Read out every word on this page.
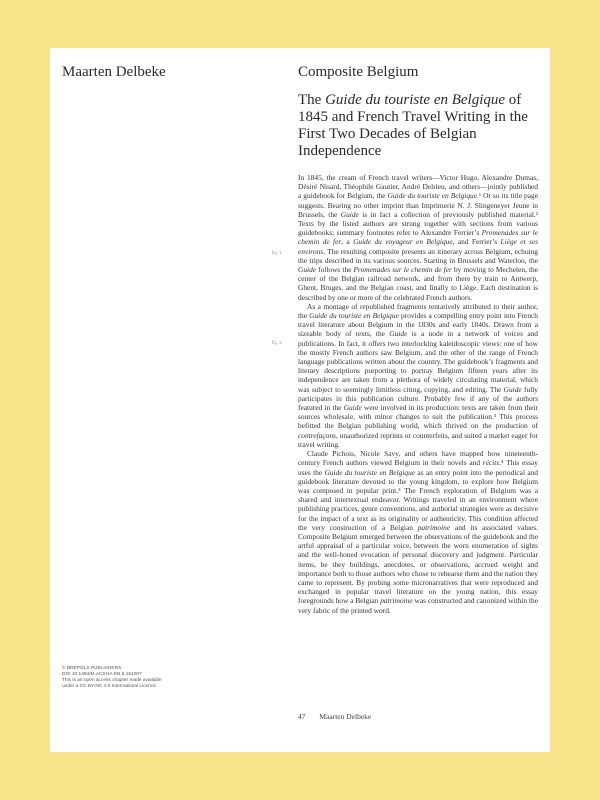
Maarten Delbeke	Composite Belgium
The Guide du touriste en Belgique of 1845 and French Travel Writing in the First Two Decades of Belgian Independence
fig. 1
fig. 2

In 1845, the cream of French travel writers—Victor Hugo, Alexandre Dumas, Désiré Nisard, Théophile Gautier, André Delrieu, and others—jointly published a guidebook for Belgium, the Guide du touriste en Belgique.¹ Or so its title page suggests. Bearing no other imprint than Imprimerie N. J. Slingeneyer Jeune in Brussels, the Guide is in fact a collection of previously published material.² Texts by the listed authors are strung together with sections from various guidebooks; summary footnotes refer to Alexandre Ferrier’s Promenades sur le chemin de fer, a Guide du voyageur en Belgique, and Ferrier’s Liège et ses environs. The resulting composite presents an itinerary across Belgium, echoing the trips described in its various sources. Starting in Brussels and Waterloo, the Guide follows the Promenades sur le chemin de fer by moving to Mechelen, the center of the Belgian railroad network, and from there by train to Antwerp, Ghent, Bruges, and the Belgian coast, and finally to Liège. Each destination is described by one or more of the celebrated French authors.

As a montage of republished fragments tentatively attributed to their author, the Guide du touriste en Belgique provides a compelling entry point into French travel literature about Belgium in the 1830s and early 1840s. Drawn from a sizeable body of texts, the Guide is a node in a network of voices and publications. In fact, it offers two interlocking kaleidoscopic views: one of how the mostly French authors saw Belgium, and the other of the range of French language publications written about the country. The guidebook’s fragments and literary descriptions purporting to portray Belgium fifteen years after its independence are taken from a plethora of widely circulating material, which was subject to seemingly limitless citing, copying, and editing. The Guide fully participates in this publication culture. Probably few if any of the authors featured in the Guide were involved in its production: texts are taken from their sources wholesale, with minor changes to suit the publication.³ This process befitted the Belgian publishing world, which thrived on the production of contrefaçons, unauthorized reprints or counterfeits, and suited a market eager for travel writing.

Claude Pichois, Nicole Savy, and others have mapped how nineteenth-century French authors viewed Belgium in their novels and récits.⁴ This essay uses the Guide du touriste en Belgique as an entry point into the periodical and guidebook literature devoted to the young kingdom, to explore how Belgium was composed in popular print.⁵ The French exploration of Belgium was a shared and intertextual endeavor. Writings traveled in an environment where publishing practices, genre conventions, and authorial strategies were as decisive for the impact of a text as its originality or authenticity. This condition affected the very construction of a Belgian patrimoine and its associated values. Composite Belgium emerged between the observations of the guidebook and the artful appraisal of a particular voice, between the worn enumeration of sights and the well-honed evocation of personal discovery and judgment. Particular items, be they buildings, anecdotes, or observations, accrued weight and importance both to those authors who chose to rehearse them and the nation they came to represent. By probing some micronarratives that were reproduced and exchanged in popular travel literature on the young nation, this essay foregrounds how a Belgian patrimoine was constructed and canonized within the very fabric of the printed word.

© BREPOLS PUBLISHERS
DOI 10.1484/M.ACSHA-EB.5.151007
This is an open access chapter made available
under a CC BY-NC 4.0 International Licence.
47 Maarten Delbeke
